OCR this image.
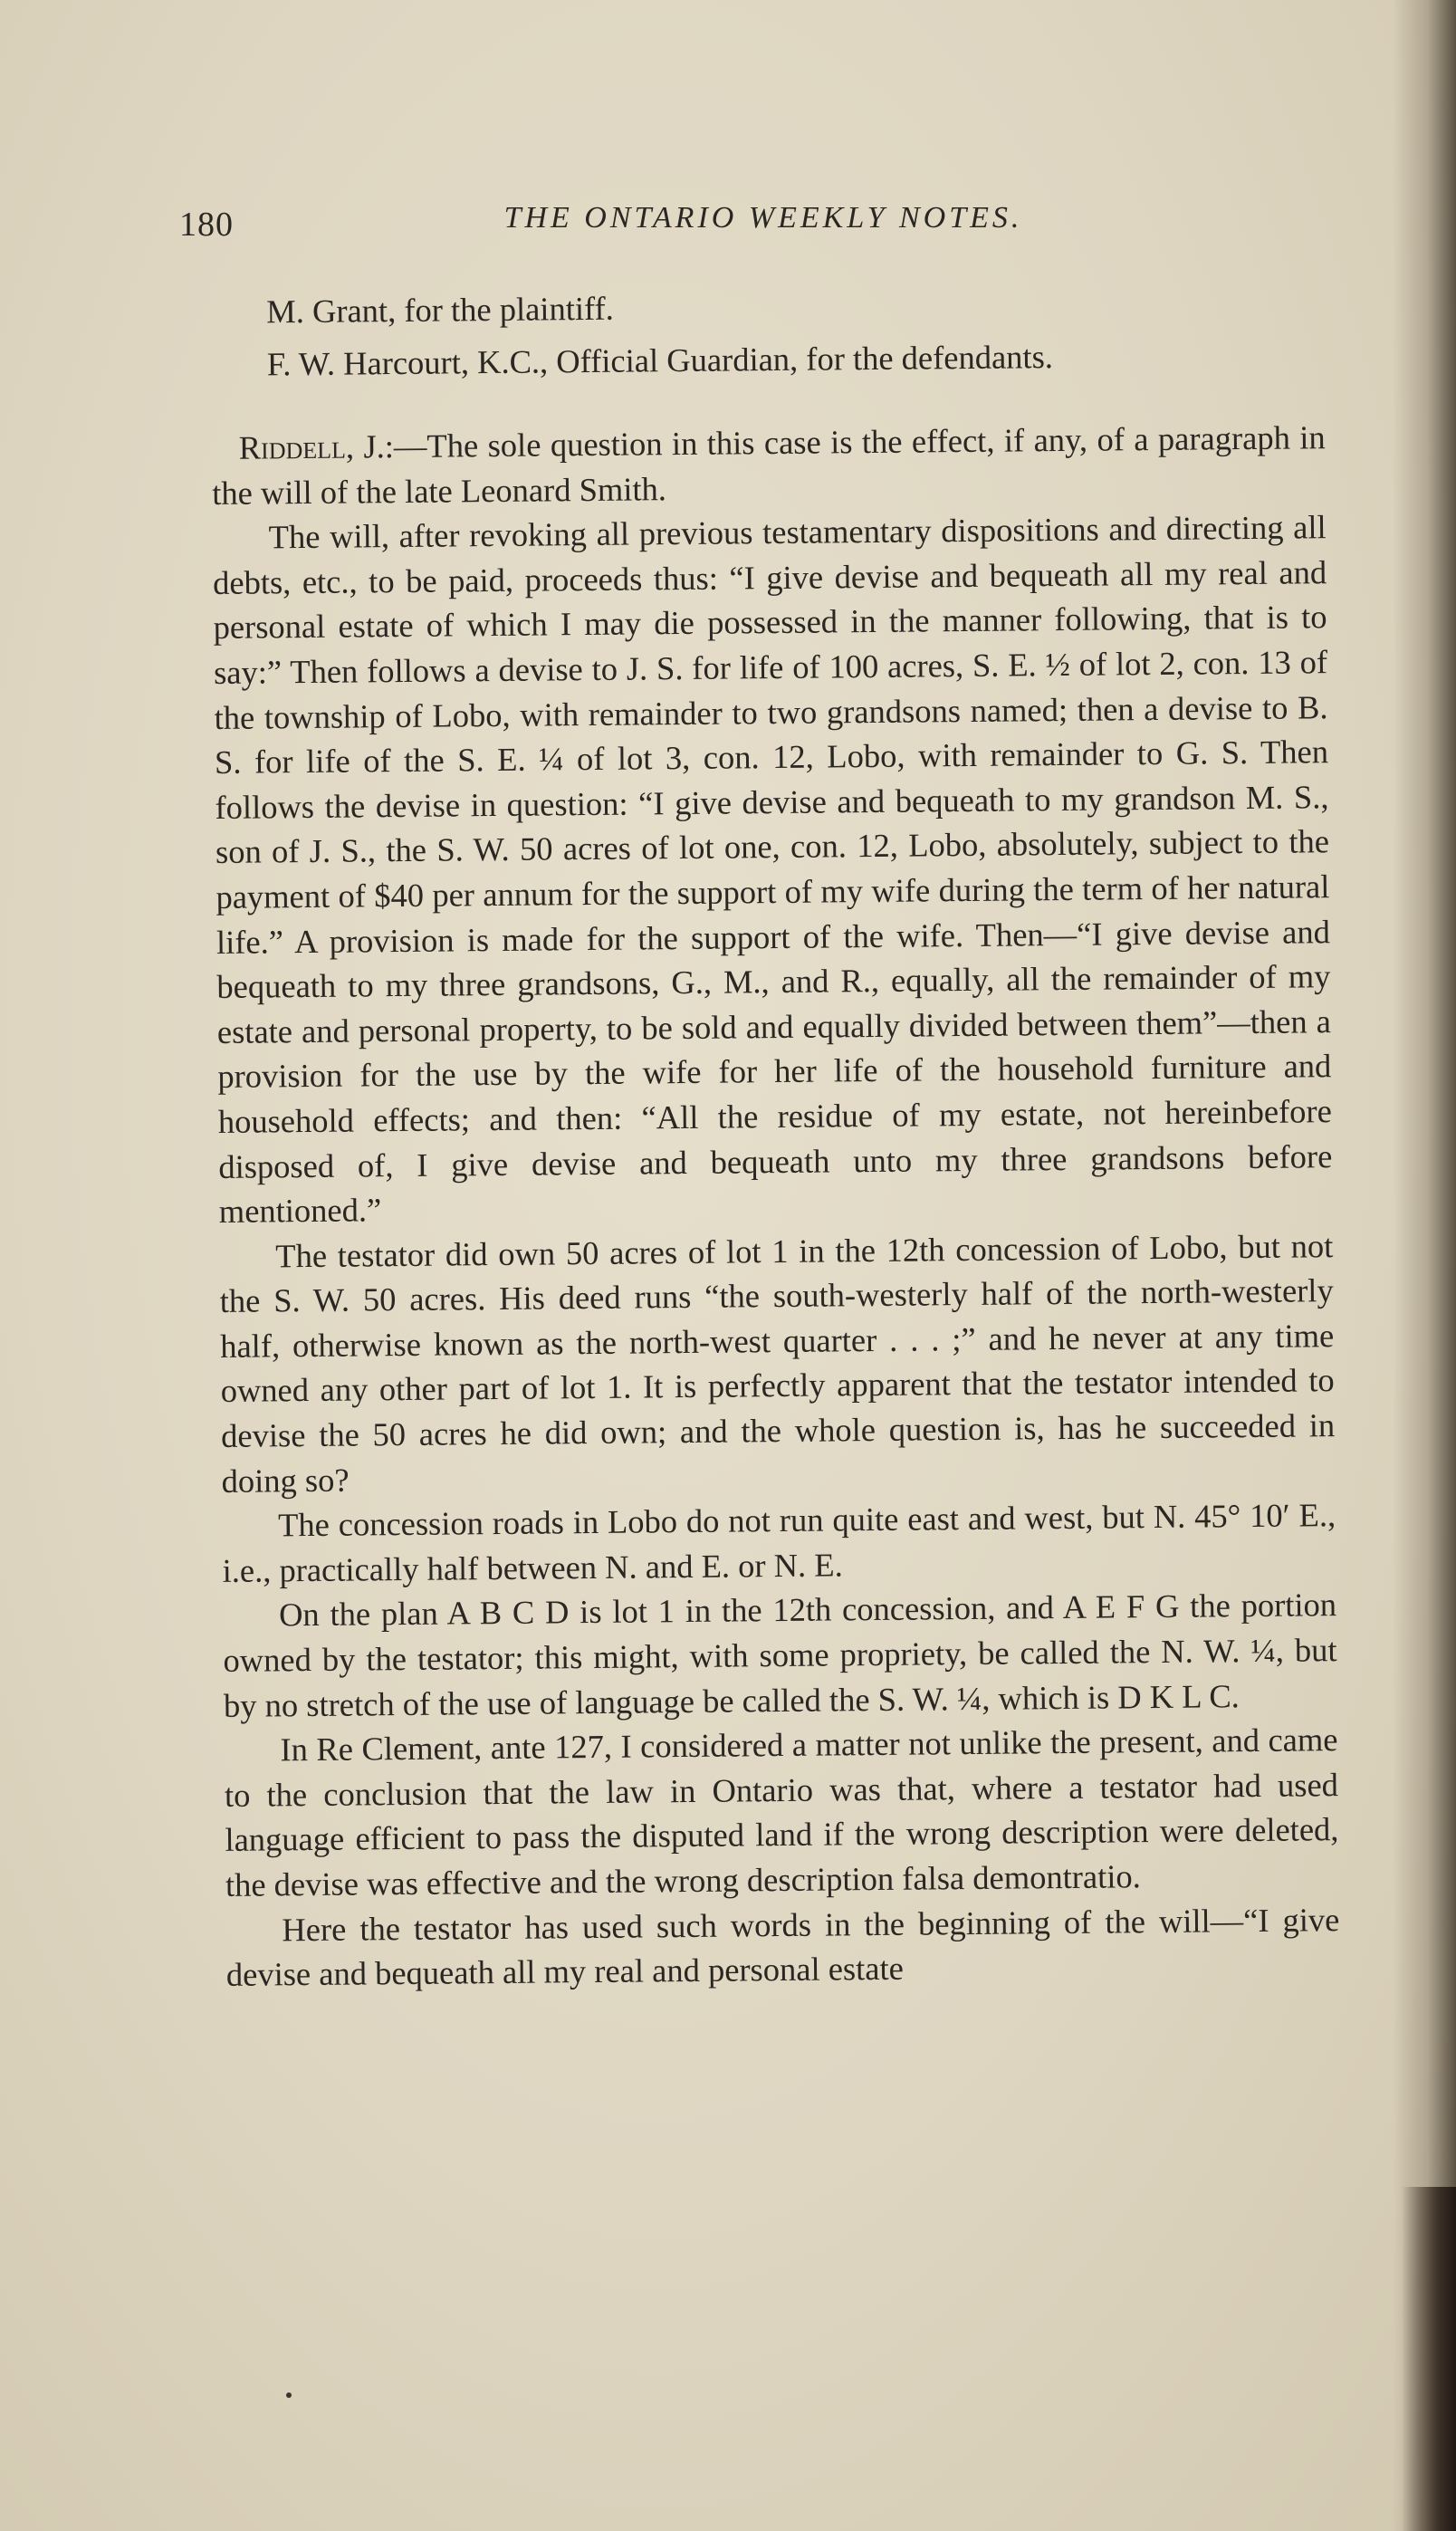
180	THE ONTARIO WEEKLY NOTES.

M. Grant, for the plaintiff.

F. W. Harcourt, K.C., Official Guardian, for the defendants.

Riddell, J.:—The sole question in this case is the effect, if any, of a paragraph in the will of the late Leonard Smith.

The will, after revoking all previous testamentary dispositions and directing all debts, etc., to be paid, proceeds thus: “I give devise and bequeath all my real and personal estate of which I may die possessed in the manner following, that is to say:” Then follows a devise to J. S. for life of 100 acres, S. E. ½ of lot 2, con. 13 of the township of Lobo, with remainder to two grandsons named; then a devise to B. S. for life of the S. E. ¼ of lot 3, con. 12, Lobo, with remainder to G. S. Then follows the devise in question: “I give devise and bequeath to my grandson M. S., son of J. S., the S. W. 50 acres of lot one, con. 12, Lobo, absolutely, subject to the payment of $40 per annum for the support of my wife during the term of her natural life.” A provision is made for the support of the wife. Then—“I give devise and bequeath to my three grandsons, G., M., and R., equally, all the remainder of my estate and personal property, to be sold and equally divided between them”—then a provision for the use by the wife for her life of the household furniture and household effects; and then: “All the residue of my estate, not hereinbefore disposed of, I give devise and bequeath unto my three grandsons before mentioned.”

The testator did own 50 acres of lot 1 in the 12th concession of Lobo, but not the S. W. 50 acres. His deed runs “the south-westerly half of the north-westerly half, otherwise known as the north-west quarter . . . ;” and he never at any time owned any other part of lot 1. It is perfectly apparent that the testator intended to devise the 50 acres he did own; and the whole question is, has he succeeded in doing so?

The concession roads in Lobo do not run quite east and west, but N. 45° 10′ E., i.e., practically half between N. and E. or N. E.

On the plan A B C D is lot 1 in the 12th concession, and A E F G the portion owned by the testator; this might, with some propriety, be called the N. W. ¼, but by no stretch of the use of language be called the S. W. ¼, which is D K L C.

In Re Clement, ante 127, I considered a matter not unlike the present, and came to the conclusion that the law in Ontario was that, where a testator had used language efficient to pass the disputed land if the wrong description were deleted, the devise was effective and the wrong description falsa demontratio.

Here the testator has used such words in the beginning of the will—“I give devise and bequeath all my real and personal estate
